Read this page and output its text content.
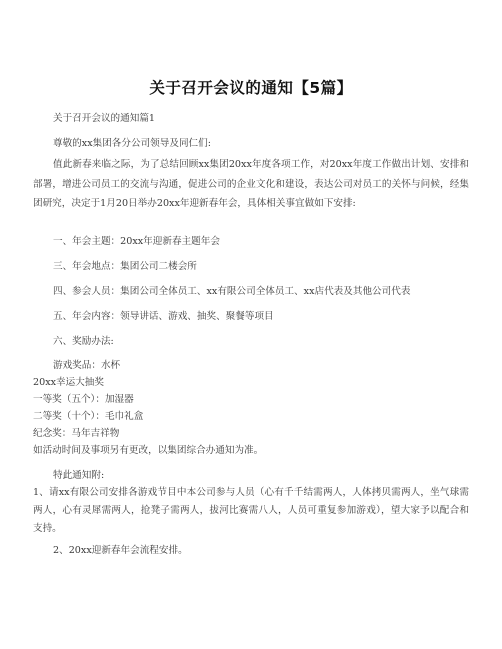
关于召开会议的通知【5篇】
关于召开会议的通知篇1
尊敬的xx集团各分公司领导及同仁们:
值此新春来临之际，为了总结回顾xx集团20xx年度各项工作，对20xx年度工作做出计划、安排和部署，增进公司员工的交流与沟通，促进公司的企业文化和建设，表达公司对员工的关怀与问候，经集团研究，决定于1月20日举办20xx年迎新春年会，具体相关事宜做如下安排:
一、年会主题：20xx年迎新春主题年会
三、年会地点：集团公司二楼会所
四、参会人员：集团公司全体员工、xx有限公司全体员工、xx店代表及其他公司代表
五、年会内容：领导讲话、游戏、抽奖、聚餐等项目
六、奖励办法:
游戏奖品：水杯
20xx幸运大抽奖
一等奖（五个）：加湿器
二等奖（十个）：毛巾礼盒
纪念奖：马年吉祥物
如活动时间及事项另有更改，以集团综合办通知为准。
特此通知附:
1、请xx有限公司安排各游戏节目中本公司参与人员（心有千千结需两人，人体拷贝需两人，坐气球需两人，心有灵犀需两人，抢凳子需两人，拔河比赛需八人，人员可重复参加游戏），望大家予以配合和支持。
2、20xx迎新春年会流程安排。
